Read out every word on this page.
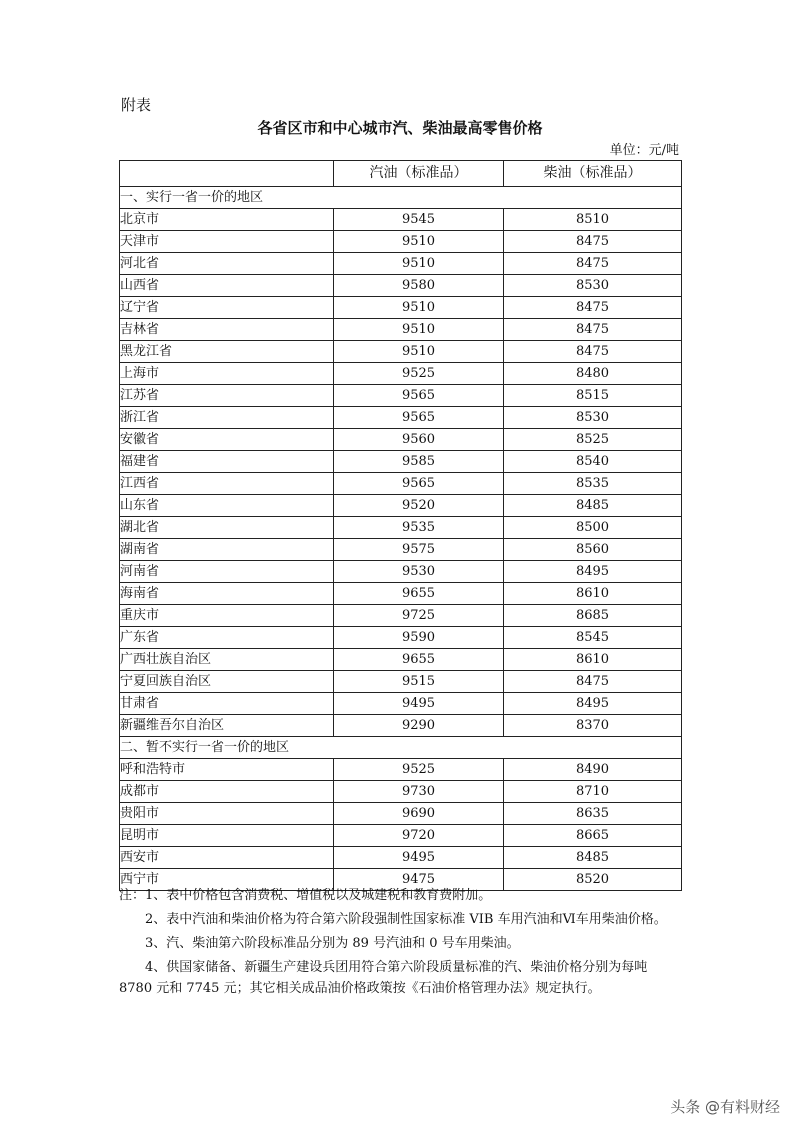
附表
各省区市和中心城市汽、柴油最高零售价格
单位：元/吨
	汽油（标准品）	柴油（标准品）
一、实行一省一价的地区		
北京市	9545	8510
天津市	9510	8475
河北省	9510	8475
山西省	9580	8530
辽宁省	9510	8475
吉林省	9510	8475
黑龙江省	9510	8475
上海市	9525	8480
江苏省	9565	8515
浙江省	9565	8530
安徽省	9560	8525
福建省	9585	8540
江西省	9565	8535
山东省	9520	8485
湖北省	9535	8500
湖南省	9575	8560
河南省	9530	8495
海南省	9655	8610
重庆市	9725	8685
广东省	9590	8545
广西壮族自治区	9655	8610
宁夏回族自治区	9515	8475
甘肃省	9495	8495
新疆维吾尔自治区	9290	8370
二、暂不实行一省一价的地区		
呼和浩特市	9525	8490
成都市	9730	8710
贵阳市	9690	8635
昆明市	9720	8665
西安市	9495	8485
西宁市	9475	8520

注：1、表中价格包含消费税、增值税以及城建税和教育费附加。

2、表中汽油和柴油价格为符合第六阶段强制性国家标准 VIB 车用汽油和Ⅵ车用柴油价格。

3、汽、柴油第六阶段标准品分别为 89 号汽油和 0 号车用柴油。

4、供国家储备、新疆生产建设兵团用符合第六阶段质量标准的汽、柴油价格分别为每吨 8780 元和 7745 元；其它相关成品油价格政策按《石油价格管理办法》规定执行。

头条 @有料财经
